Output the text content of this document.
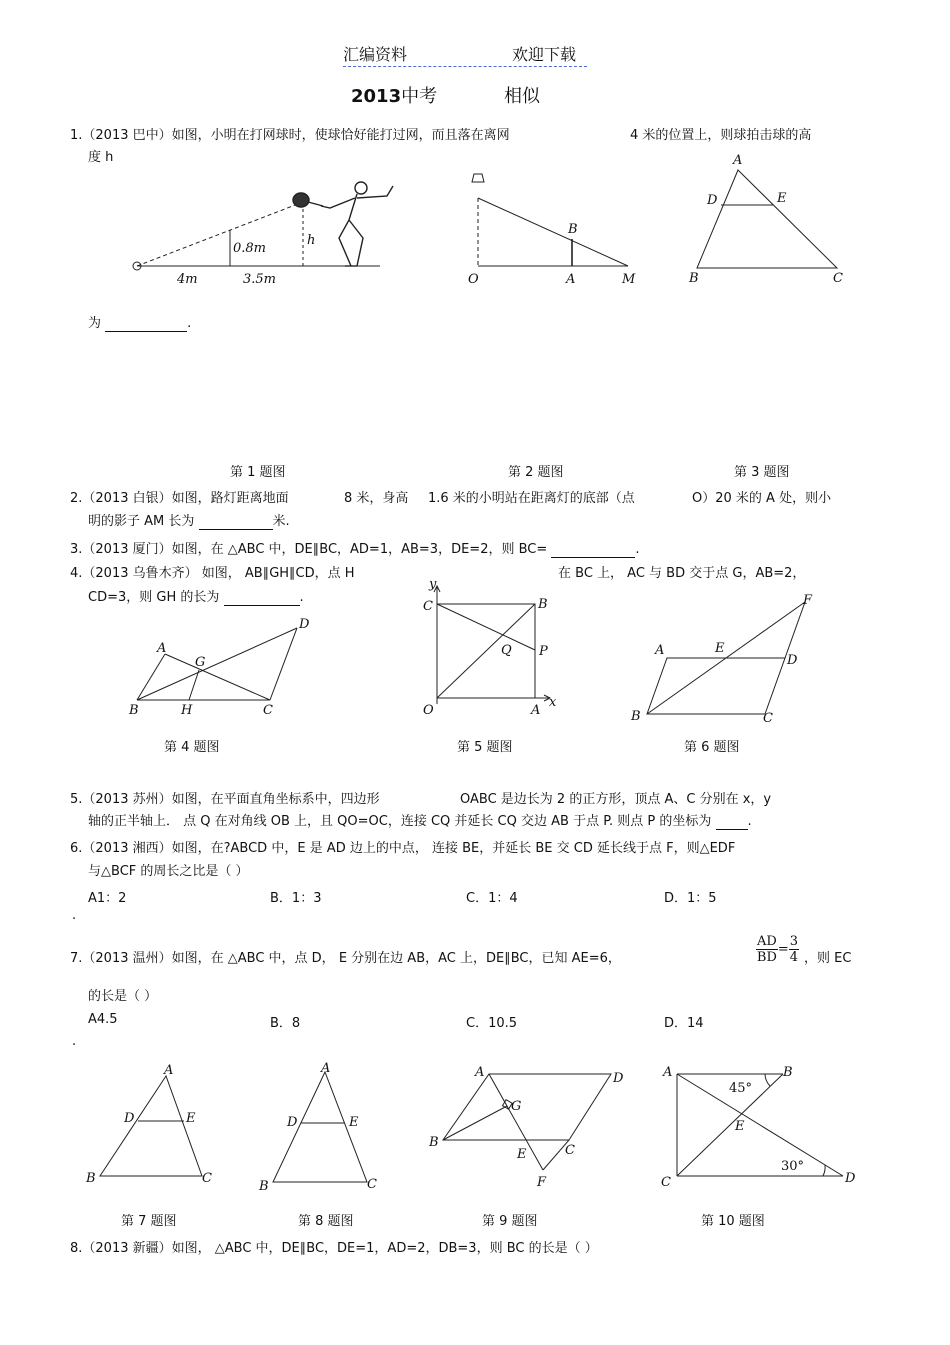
汇编资料	欢迎下载
2013中考	相似
1.（2013 巴中）如图，小明在打网球时，使球恰好能打过网，而且落在离网	4 米的位置上，则球拍击球的高
度 h
为	.
0.8m
h
4m	3.5m
B
O	A	M
A
D	E
B	C
第 1 题图	第 2 题图	第 3 题图
2.（2013 白银）如图，路灯距离地面	8 米，身高 1.6 米的小明站在距离灯的底部（点	O）20 米的 A 处，则小
明的影子 AM 长为	米.
3.（2013 厦门）如图，在 △ABC 中，DE∥BC，AD=1，AB=3，DE=2，则 BC=	.
4.（2013 乌鲁木齐） 如图， AB∥GH∥CD，点 H	在 BC 上， AC 与 BD 交于点 G，AB=2，
CD=3，则 GH 的长为	.
A
G
D
B	H	C
y
C	B
Q P
O	A
x
F
A	E
D
B	C
第 4 题图	第 5 题图	第 6 题图
5.（2013 苏州）如图，在平面直角坐标系中，四边形	OABC 是边长为 2 的正方形，顶点 A、C 分别在 x，y
轴的正半轴上． 点 Q 在对角线 OB 上，且 QO=OC，连接 CQ 并延长 CQ 交边 AB 于点 P. 则点 P 的坐标为	.
6.（2013 湘西）如图，在?ABCD 中，E 是 AD 边上的中点， 连接 BE，并延长 BE 交 CD 延长线于点 F，则△EDF
与△BCF 的周长之比是（ ）
A1：2	B．1：3	C．1：4	D．1：5
.
7.（2013 温州）如图，在 △ABC 中，点 D， E 分别在边 AB，AC 上，DE∥BC，已知 AE=6，	$\frac{AD}{BD} = \frac{3}{4}$ ，则 EC
的长是（ ）
A4.5	B．8	C．10.5	D．14
.
A
D	E
B	C
A
D	E
B	C
A	D
G
B
E	C
F
A	B
45°
E
C	D
30°
第 7 题图	第 8 题图	第 9 题图	第 10 题图
8.（2013 新疆）如图， △ABC 中，DE∥BC，DE=1，AD=2，DB=3，则 BC 的长是（ ）
